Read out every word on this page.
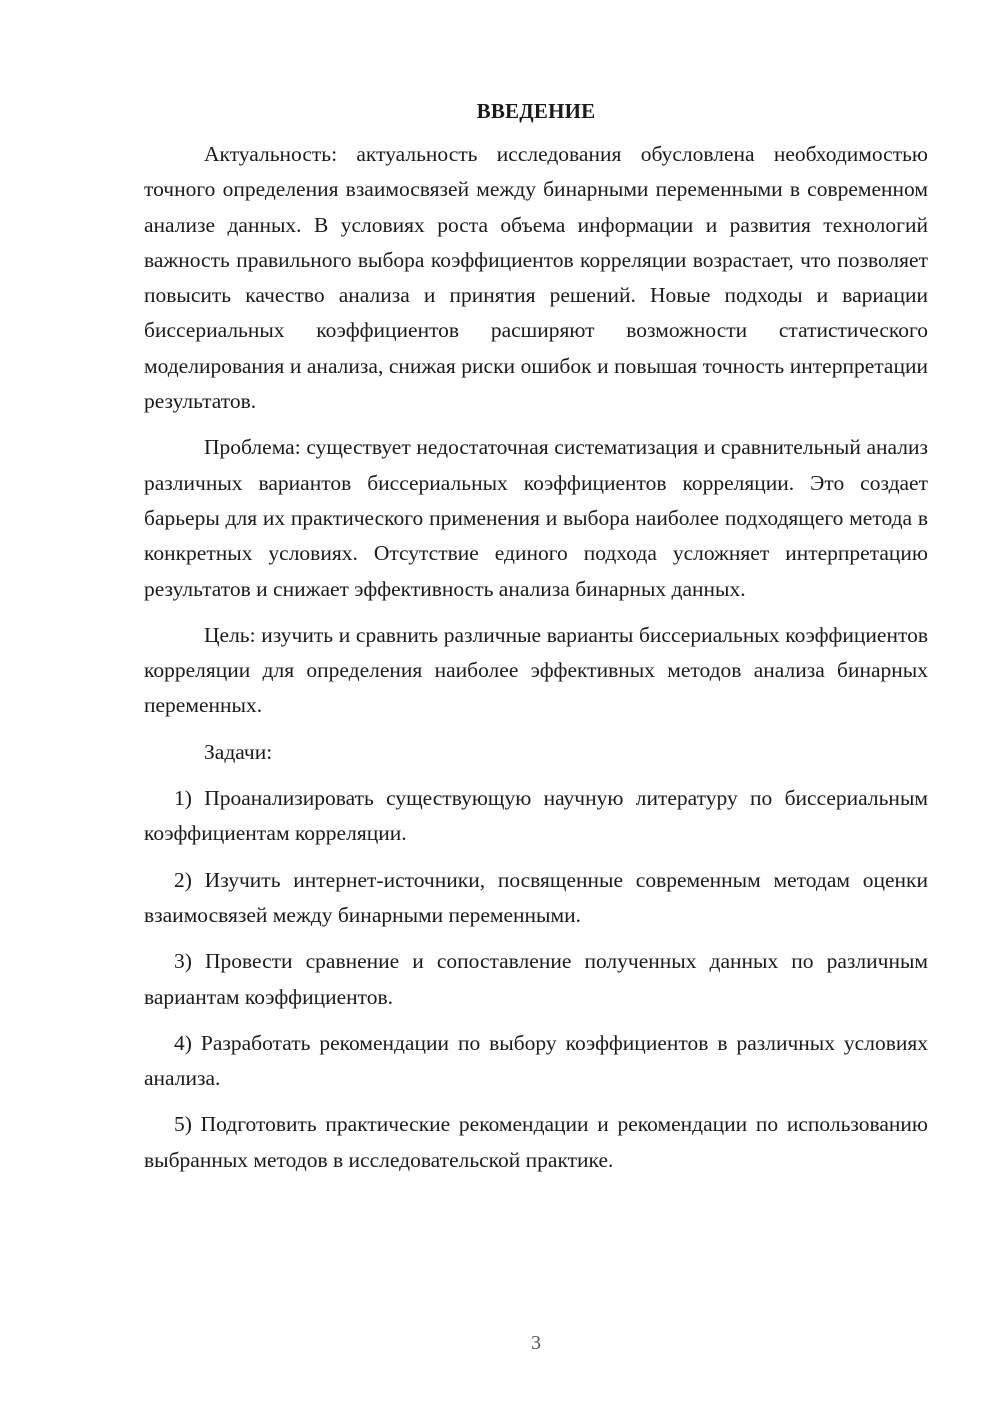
ВВЕДЕНИЕ

Актуальность: актуальность исследования обусловлена необходимостью точного определения взаимосвязей между бинарными переменными в современном анализе данных. В условиях роста объема информации и развития технологий важность правильного выбора коэффициентов корреляции возрастает, что позволяет повысить качество анализа и принятия решений. Новые подходы и вариации биссериальных коэффициентов расширяют возможности статистического моделирования и анализа, снижая риски ошибок и повышая точность интерпретации результатов.

Проблема: существует недостаточная систематизация и сравнительный анализ различных вариантов биссериальных коэффициентов корреляции. Это создает барьеры для их практического применения и выбора наиболее подходящего метода в конкретных условиях. Отсутствие единого подхода усложняет интерпретацию результатов и снижает эффективность анализа бинарных данных.

Цель: изучить и сравнить различные варианты биссериальных коэффициентов корреляции для определения наиболее эффективных методов анализа бинарных переменных.

Задачи:

1) Проанализировать существующую научную литературу по биссериальным коэффициентам корреляции.

2) Изучить интернет-источники, посвященные современным методам оценки взаимосвязей между бинарными переменными.

3) Провести сравнение и сопоставление полученных данных по различным вариантам коэффициентов.

4) Разработать рекомендации по выбору коэффициентов в различных условиях анализа.

5) Подготовить практические рекомендации и рекомендации по использованию выбранных методов в исследовательской практике.

3
